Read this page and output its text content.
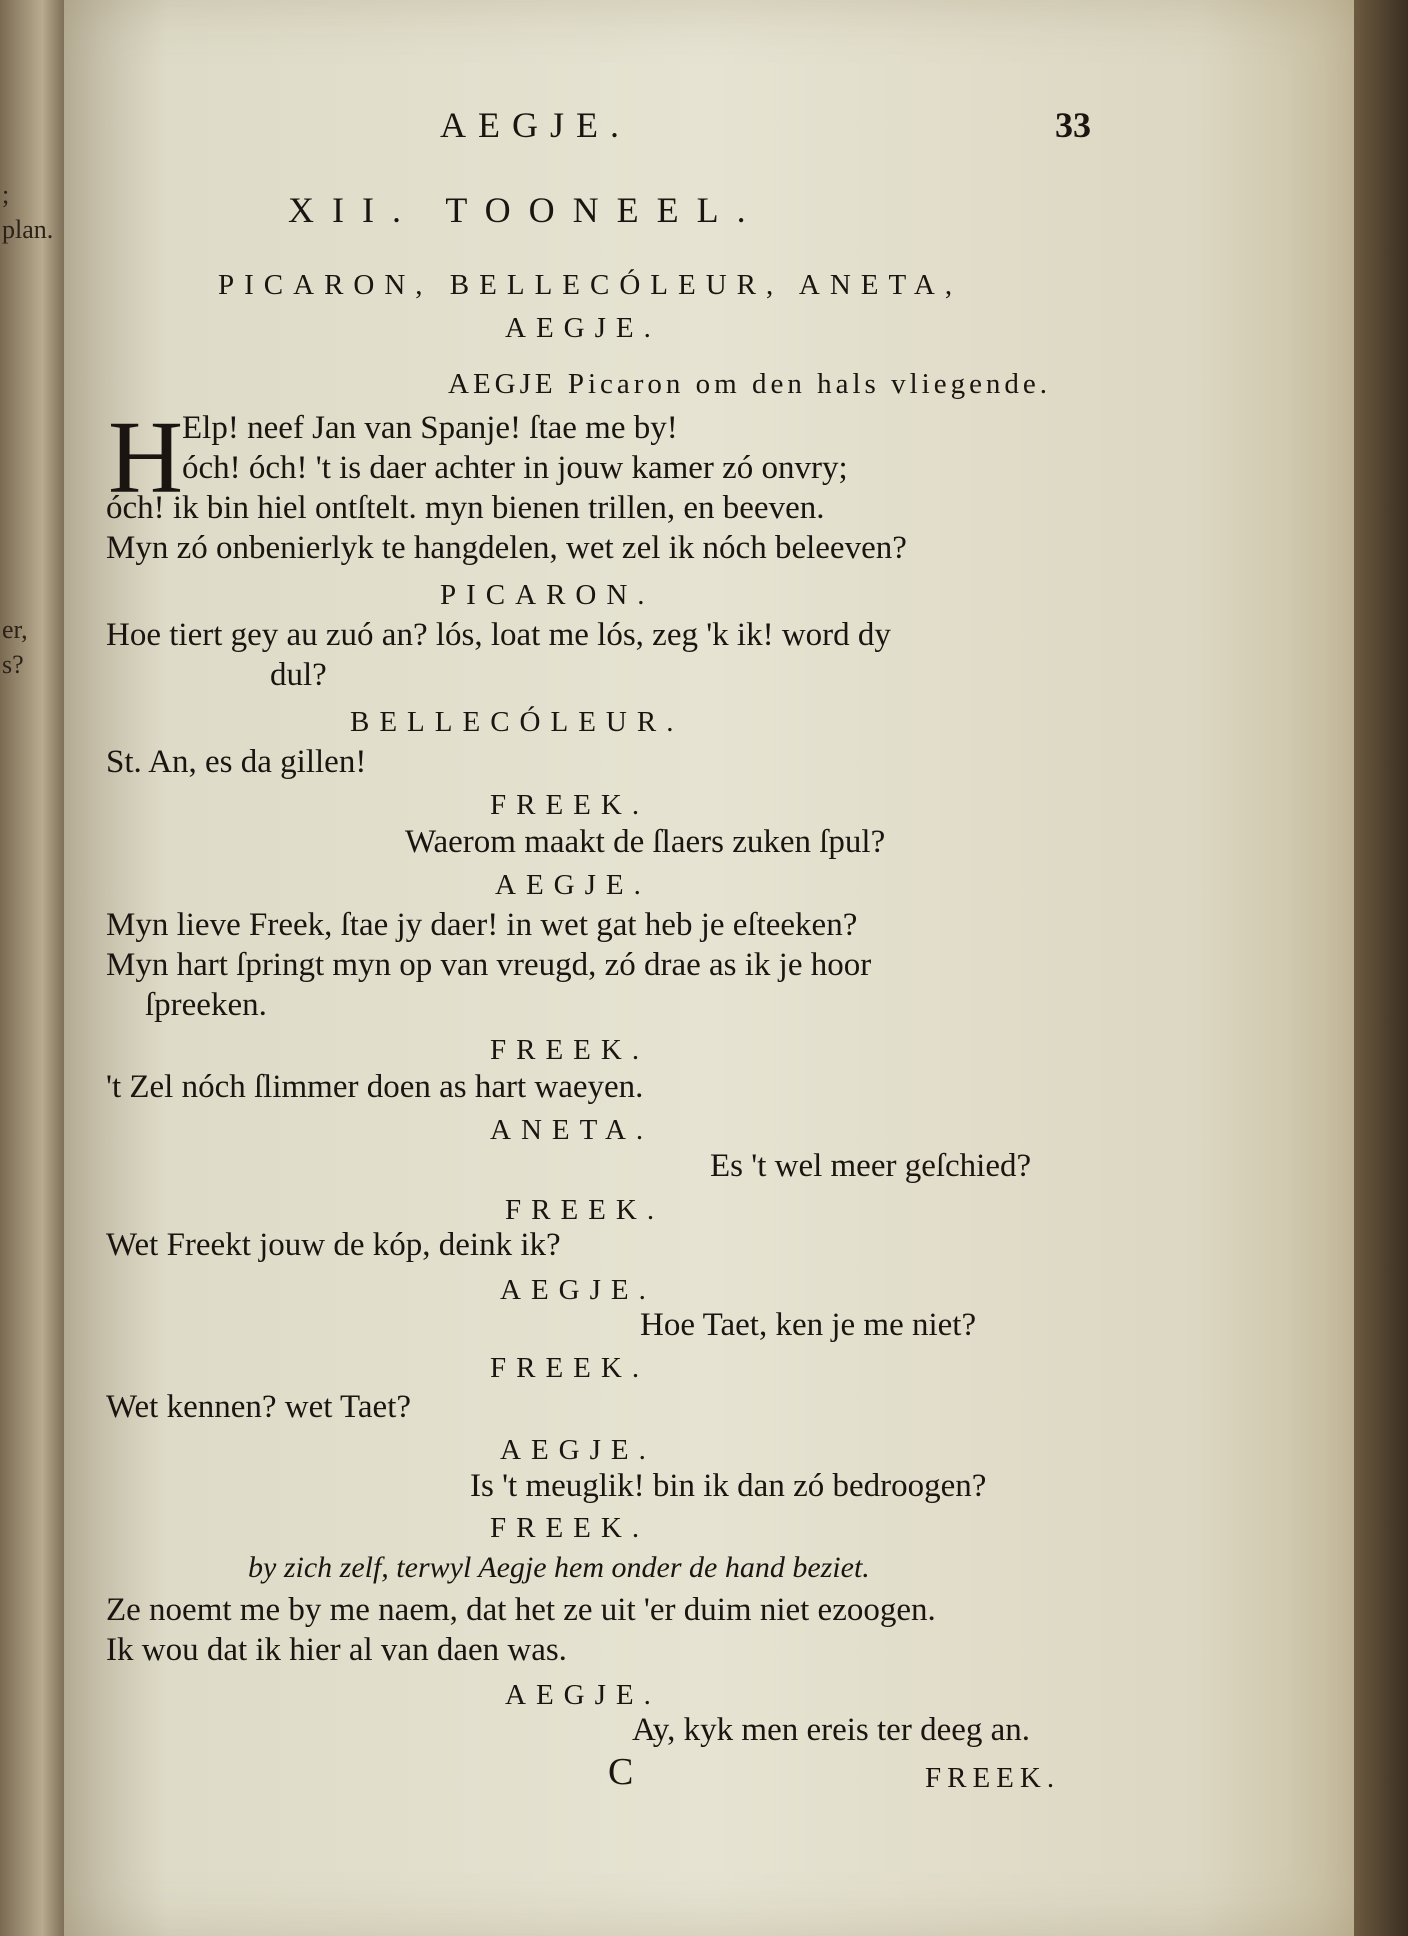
;
plan.
er,
s?
AEGJE.	33
XII. TOONEEL.
PICARON, BELLECÓLEUR, ANETA,
AEGJE.
AEGJE Picaron om den hals vliegende.
H
Elp! neef Jan van Spanje! ſtae me by!
óch! óch! 't is daer achter in jouw kamer zó onvry;
óch! ik bin hiel ontſtelt. myn bienen trillen, en beeven.
Myn zó onbenierlyk te hangdelen, wet zel ik nóch beleeven?
PICARON.
Hoe tiert gey au zuó an? lós, loat me lós, zeg 'k ik! word dy
dul?
BELLECÓLEUR.
St. An, es da gillen!
FREEK.
Waerom maakt de ſlaers zuken ſpul?
AEGJE.
Myn lieve Freek, ſtae jy daer! in wet gat heb je eſteeken?
Myn hart ſpringt myn op van vreugd, zó drae as ik je hoor
ſpreeken.
FREEK.
't Zel nóch ſlimmer doen as hart waeyen.
ANETA.
Es 't wel meer geſchied?
FREEK.
Wet Freekt jouw de kóp, deink ik?
AEGJE.
Hoe Taet, ken je me niet?
FREEK.
Wet kennen? wet Taet?
AEGJE.
Is 't meuglik! bin ik dan zó bedroogen?
FREEK.
by zich zelf, terwyl Aegje hem onder de hand beziet.
Ze noemt me by me naem, dat het ze uit 'er duim niet ezoogen.
Ik wou dat ik hier al van daen was.
AEGJE.
Ay, kyk men ereis ter deeg an.
C	FREEK.
